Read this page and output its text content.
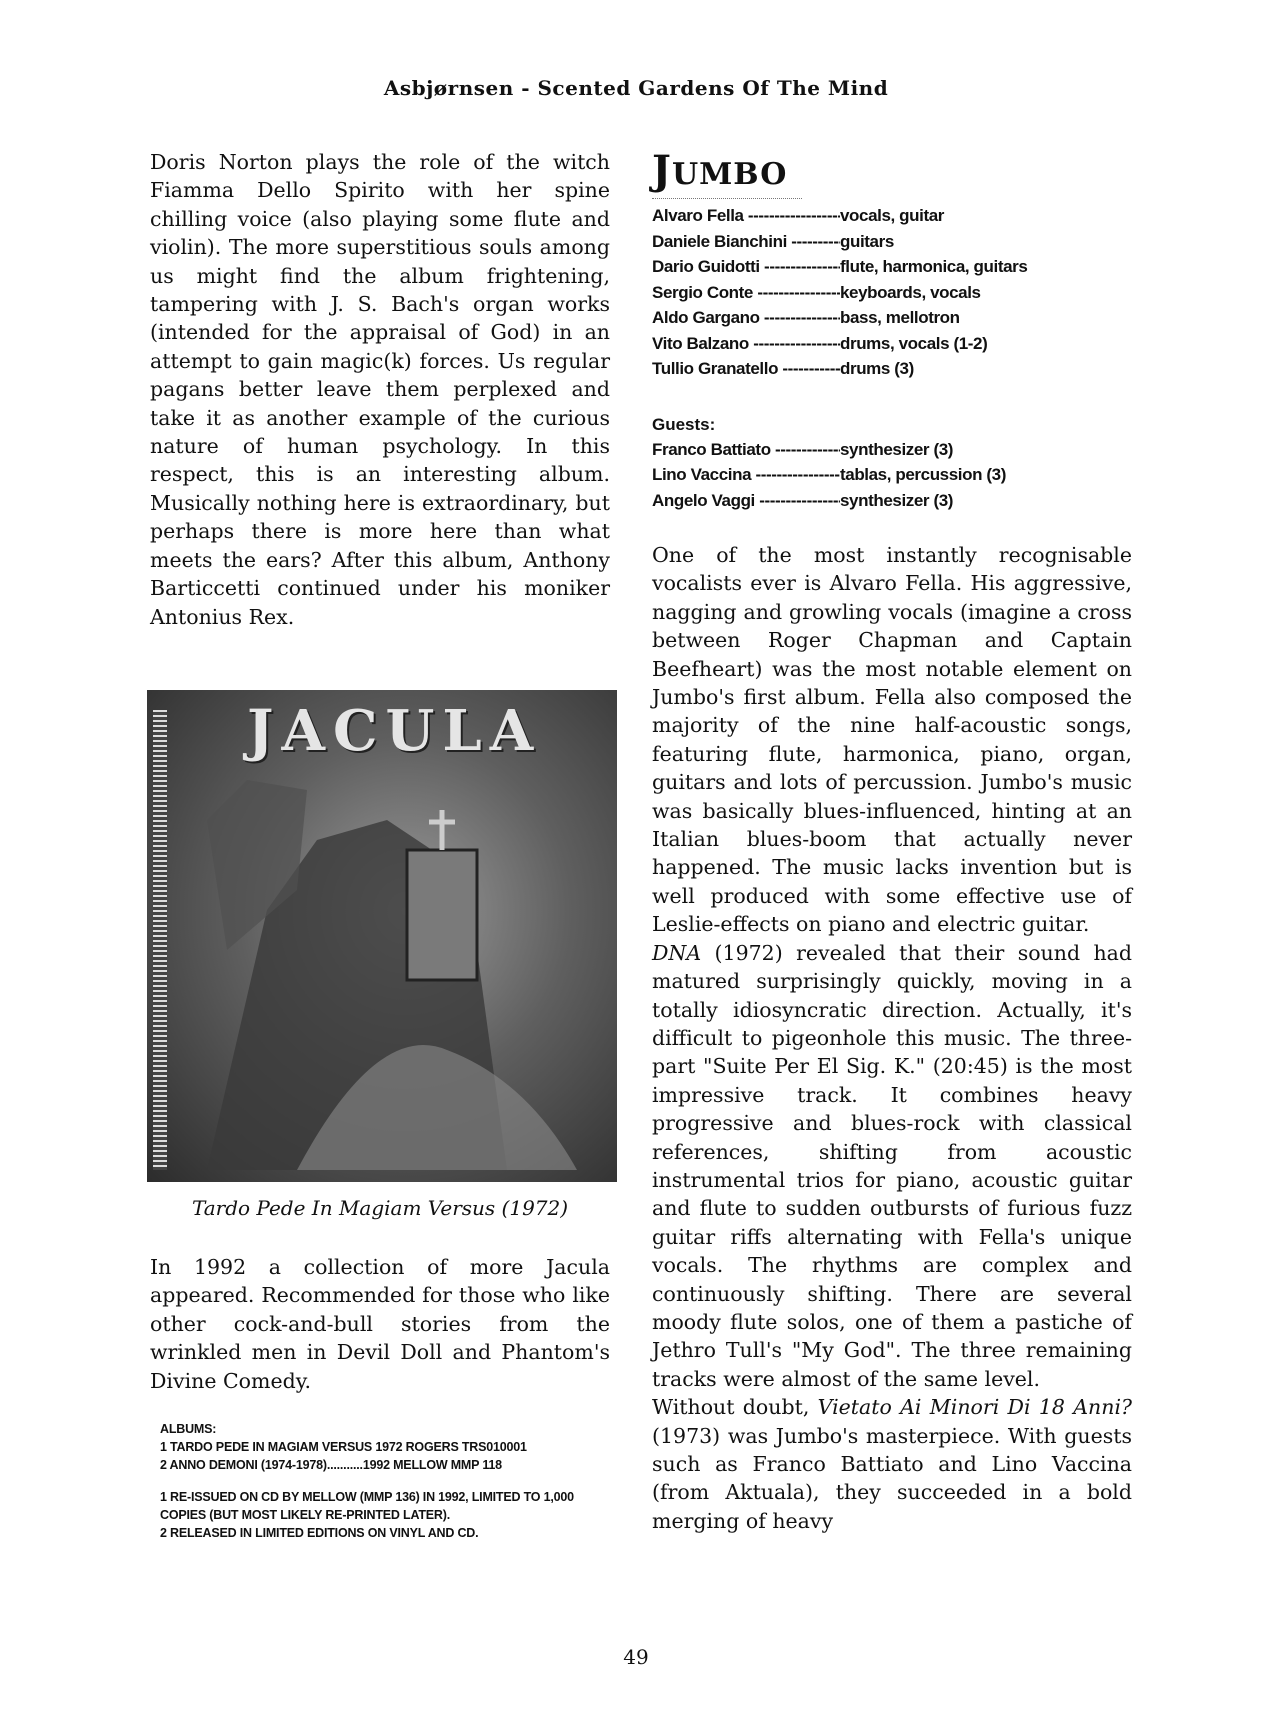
Asbjørnsen - Scented Gardens Of The Mind

Doris Norton plays the role of the witch Fiamma Dello Spirito with her spine chilling voice (also playing some flute and violin). The more superstitious souls among us might find the album frightening, tampering with J. S. Bach's organ works (intended for the appraisal of God) in an attempt to gain magic(k) forces. Us regular pagans better leave them perplexed and take it as another example of the curious nature of human psychology. In this respect, this is an interesting album. Musically nothing here is extraordinary, but perhaps there is more here than what meets the ears? After this album, Anthony Barticcetti continued under his moniker Antonius Rex.

JACULA
Tardo Pede In Magiam Versus (1972)

In 1992 a collection of more Jacula appeared. Recommended for those who like other cock-and-bull stories from the wrinkled men in Devil Doll and Phantom's Divine Comedy.

ALBUMS:
1 TARDO PEDE IN MAGIAM VERSUS 1972 ROGERS TRS010001
2 ANNO DEMONI (1974-1978)...........1992 MELLOW MMP 118
1 RE-ISSUED ON CD BY MELLOW (MMP 136) IN 1992, LIMITED TO 1,000 COPIES (BUT MOST LIKELY RE-PRINTED LATER).
2 RELEASED IN LIMITED EDITIONS ON VINYL AND CD.
JUMBO
Alvaro Fella -----	vocals, guitar
Daniele Bianchini -----	guitars
Dario Guidotti -----	flute, harmonica, guitars
Sergio Conte -----	keyboards, vocals
Aldo Gargano -----	bass, mellotron
Vito Balzano -----	drums, vocals (1-2)
Tullio Granatello -----	drums (3)
Guests:
Franco Battiato -----	synthesizer (3)
Lino Vaccina -----	tablas, percussion (3)
Angelo Vaggi -----	synthesizer (3)

One of the most instantly recognisable vocalists ever is Alvaro Fella. His aggressive, nagging and growling vocals (imagine a cross between Roger Chapman and Captain Beefheart) was the most notable element on Jumbo's first album. Fella also composed the majority of the nine half-acoustic songs, featuring flute, harmonica, piano, organ, guitars and lots of percussion. Jumbo's music was basically blues-influenced, hinting at an Italian blues-boom that actually never happened. The music lacks invention but is well produced with some effective use of Leslie-effects on piano and electric guitar.

DNA (1972) revealed that their sound had matured surprisingly quickly, moving in a totally idiosyncratic direction. Actually, it's difficult to pigeonhole this music. The three-part "Suite Per El Sig. K." (20:45) is the most impressive track. It combines heavy progressive and blues-rock with classical references, shifting from acoustic instrumental trios for piano, acoustic guitar and flute to sudden outbursts of furious fuzz guitar riffs alternating with Fella's unique vocals. The rhythms are complex and continuously shifting. There are several moody flute solos, one of them a pastiche of Jethro Tull's "My God". The three remaining tracks were almost of the same level.

Without doubt, Vietato Ai Minori Di 18 Anni? (1973) was Jumbo's masterpiece. With guests such as Franco Battiato and Lino Vaccina (from Aktuala), they succeeded in a bold merging of heavy

49
